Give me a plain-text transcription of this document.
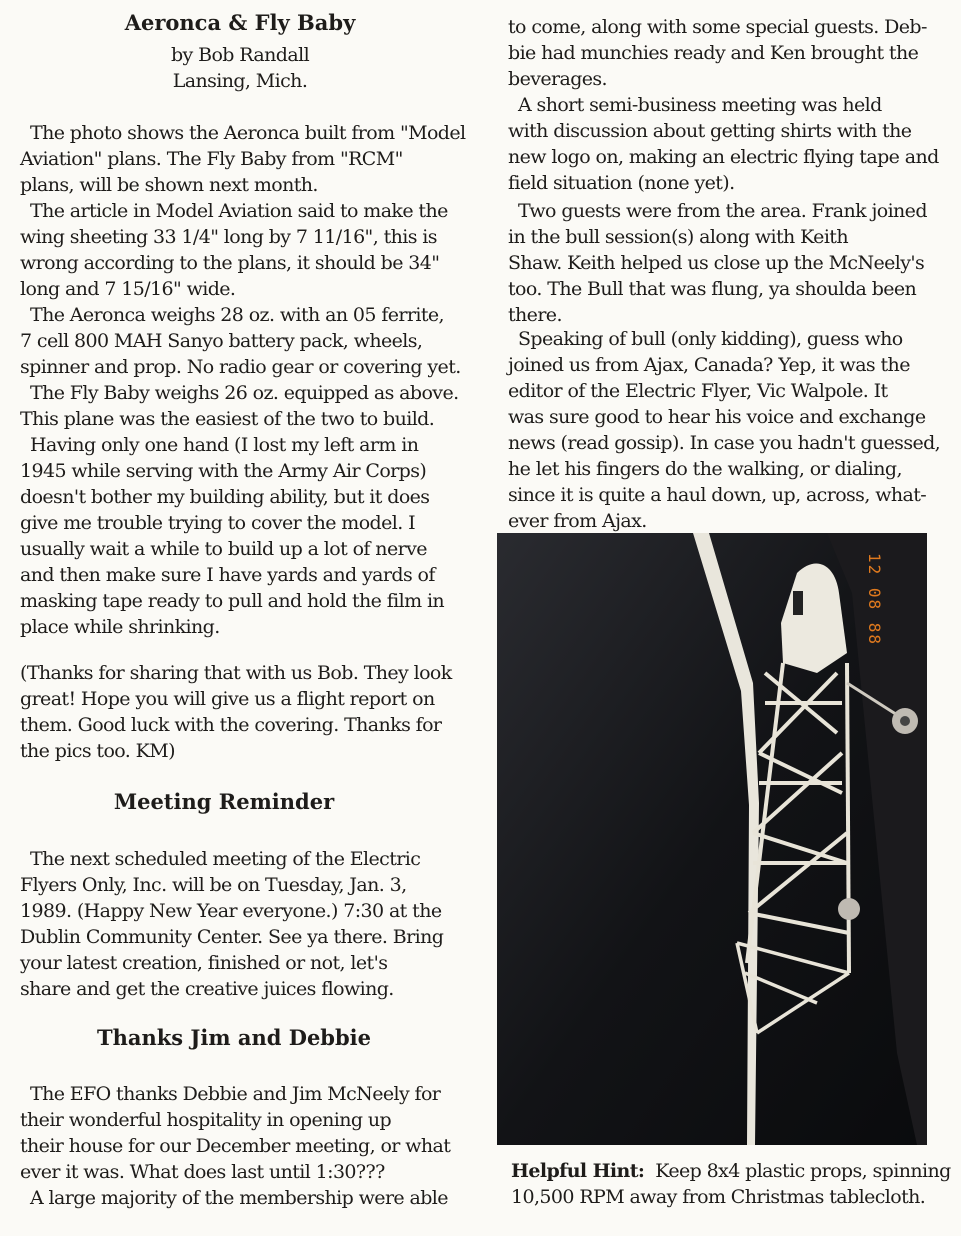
Aeronca & Fly Baby
by Bob Randall
Lansing, Mich.
The photo shows the Aeronca built from "Model
Aviation" plans. The Fly Baby from "RCM"
plans, will be shown next month.
The article in Model Aviation said to make the
wing sheeting 33 1/4" long by 7 11/16", this is
wrong according to the plans, it should be 34"
long and 7 15/16" wide.
The Aeronca weighs 28 oz. with an 05 ferrite,
7 cell 800 MAH Sanyo battery pack, wheels,
spinner and prop. No radio gear or covering yet.
The Fly Baby weighs 26 oz. equipped as above.
This plane was the easiest of the two to build.
Having only one hand (I lost my left arm in
1945 while serving with the Army Air Corps)
doesn't bother my building ability, but it does
give me trouble trying to cover the model. I
usually wait a while to build up a lot of nerve
and then make sure I have yards and yards of
masking tape ready to pull and hold the film in
place while shrinking.
(Thanks for sharing that with us Bob. They look
great! Hope you will give us a flight report on
them. Good luck with the covering. Thanks for
the pics too. KM)
Meeting Reminder
The next scheduled meeting of the Electric
Flyers Only, Inc. will be on Tuesday, Jan. 3,
1989. (Happy New Year everyone.) 7:30 at the
Dublin Community Center. See ya there. Bring
your latest creation, finished or not, let's
share and get the creative juices flowing.
Thanks Jim and Debbie
The EFO thanks Debbie and Jim McNeely for
their wonderful hospitality in opening up
their house for our December meeting, or what
ever it was. What does last until 1:30???
A large majority of the membership were able
to come, along with some special guests. Deb-
bie had munchies ready and Ken brought the
beverages.
A short semi-business meeting was held
with discussion about getting shirts with the
new logo on, making an electric flying tape and
field situation (none yet).
Two guests were from the area. Frank joined
in the bull session(s) along with Keith
Shaw. Keith helped us close up the McNeely's
too. The Bull that was flung, ya shoulda been
there.
Speaking of bull (only kidding), guess who
joined us from Ajax, Canada? Yep, it was the
editor of the Electric Flyer, Vic Walpole. It
was sure good to hear his voice and exchange
news (read gossip). In case you hadn't guessed,
he let his fingers do the walking, or dialing,
since it is quite a haul down, up, across, what-
ever from Ajax.
12 08 88
Helpful Hint: Keep 8x4 plastic props, spinning
10,500 RPM away from Christmas tablecloth.
